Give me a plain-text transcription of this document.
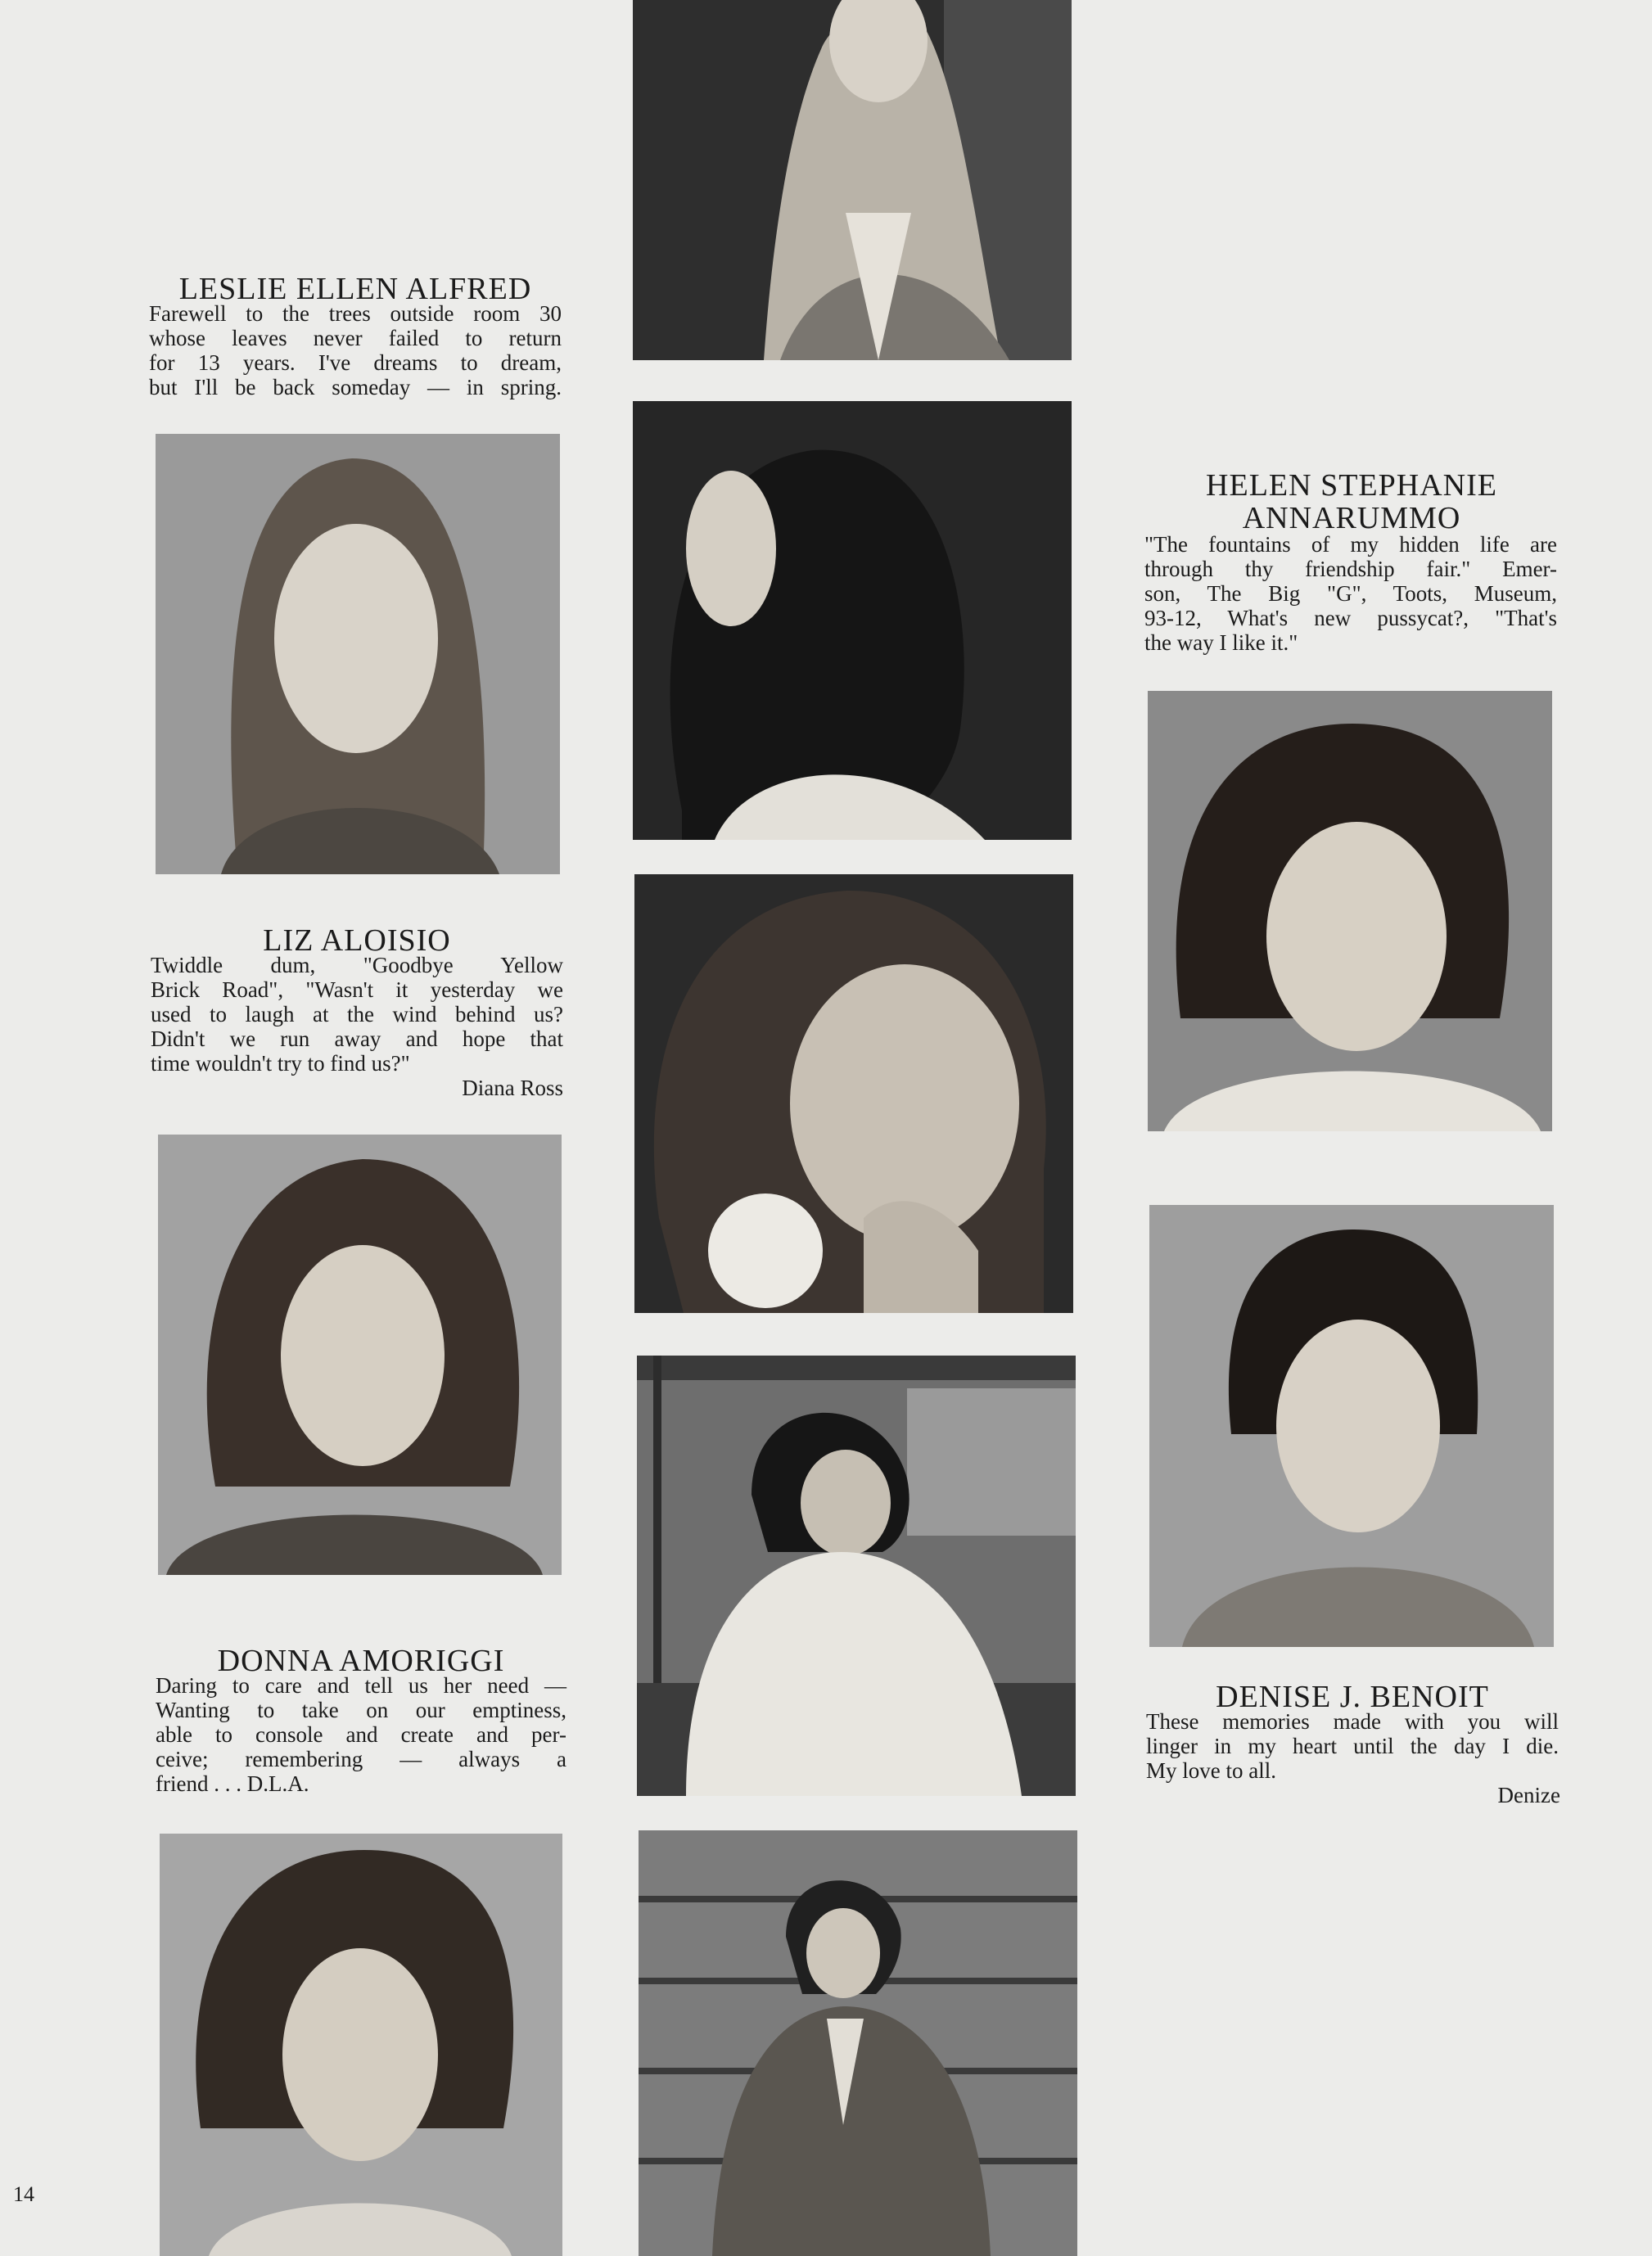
LESLIE ELLEN ALFRED
Farewell to the trees outside room 30
whose leaves never failed to return
for 13 years. I've dreams to dream,
but I'll be back someday — in spring.
LIZ ALOISIO
Twiddle dum, "Goodbye Yellow
Brick Road", "Wasn't it yesterday we
used to laugh at the wind behind us?
Didn't we run away and hope that
time wouldn't try to find us?"
Diana Ross
DONNA AMORIGGI
Daring to care and tell us her need —
Wanting to take on our emptiness,
able to console and create and per-
ceive; remembering — always a
friend . . . D.L.A.
HELEN STEPHANIE
ANNARUMMO
"The fountains of my hidden life are
through thy friendship fair." Emer-
son, The Big "G", Toots, Museum,
93-12, What's new pussycat?, "That's
the way I like it."
DENISE J. BENOIT
These memories made with you will
linger in my heart until the day I die.
My love to all.
Denize
14
